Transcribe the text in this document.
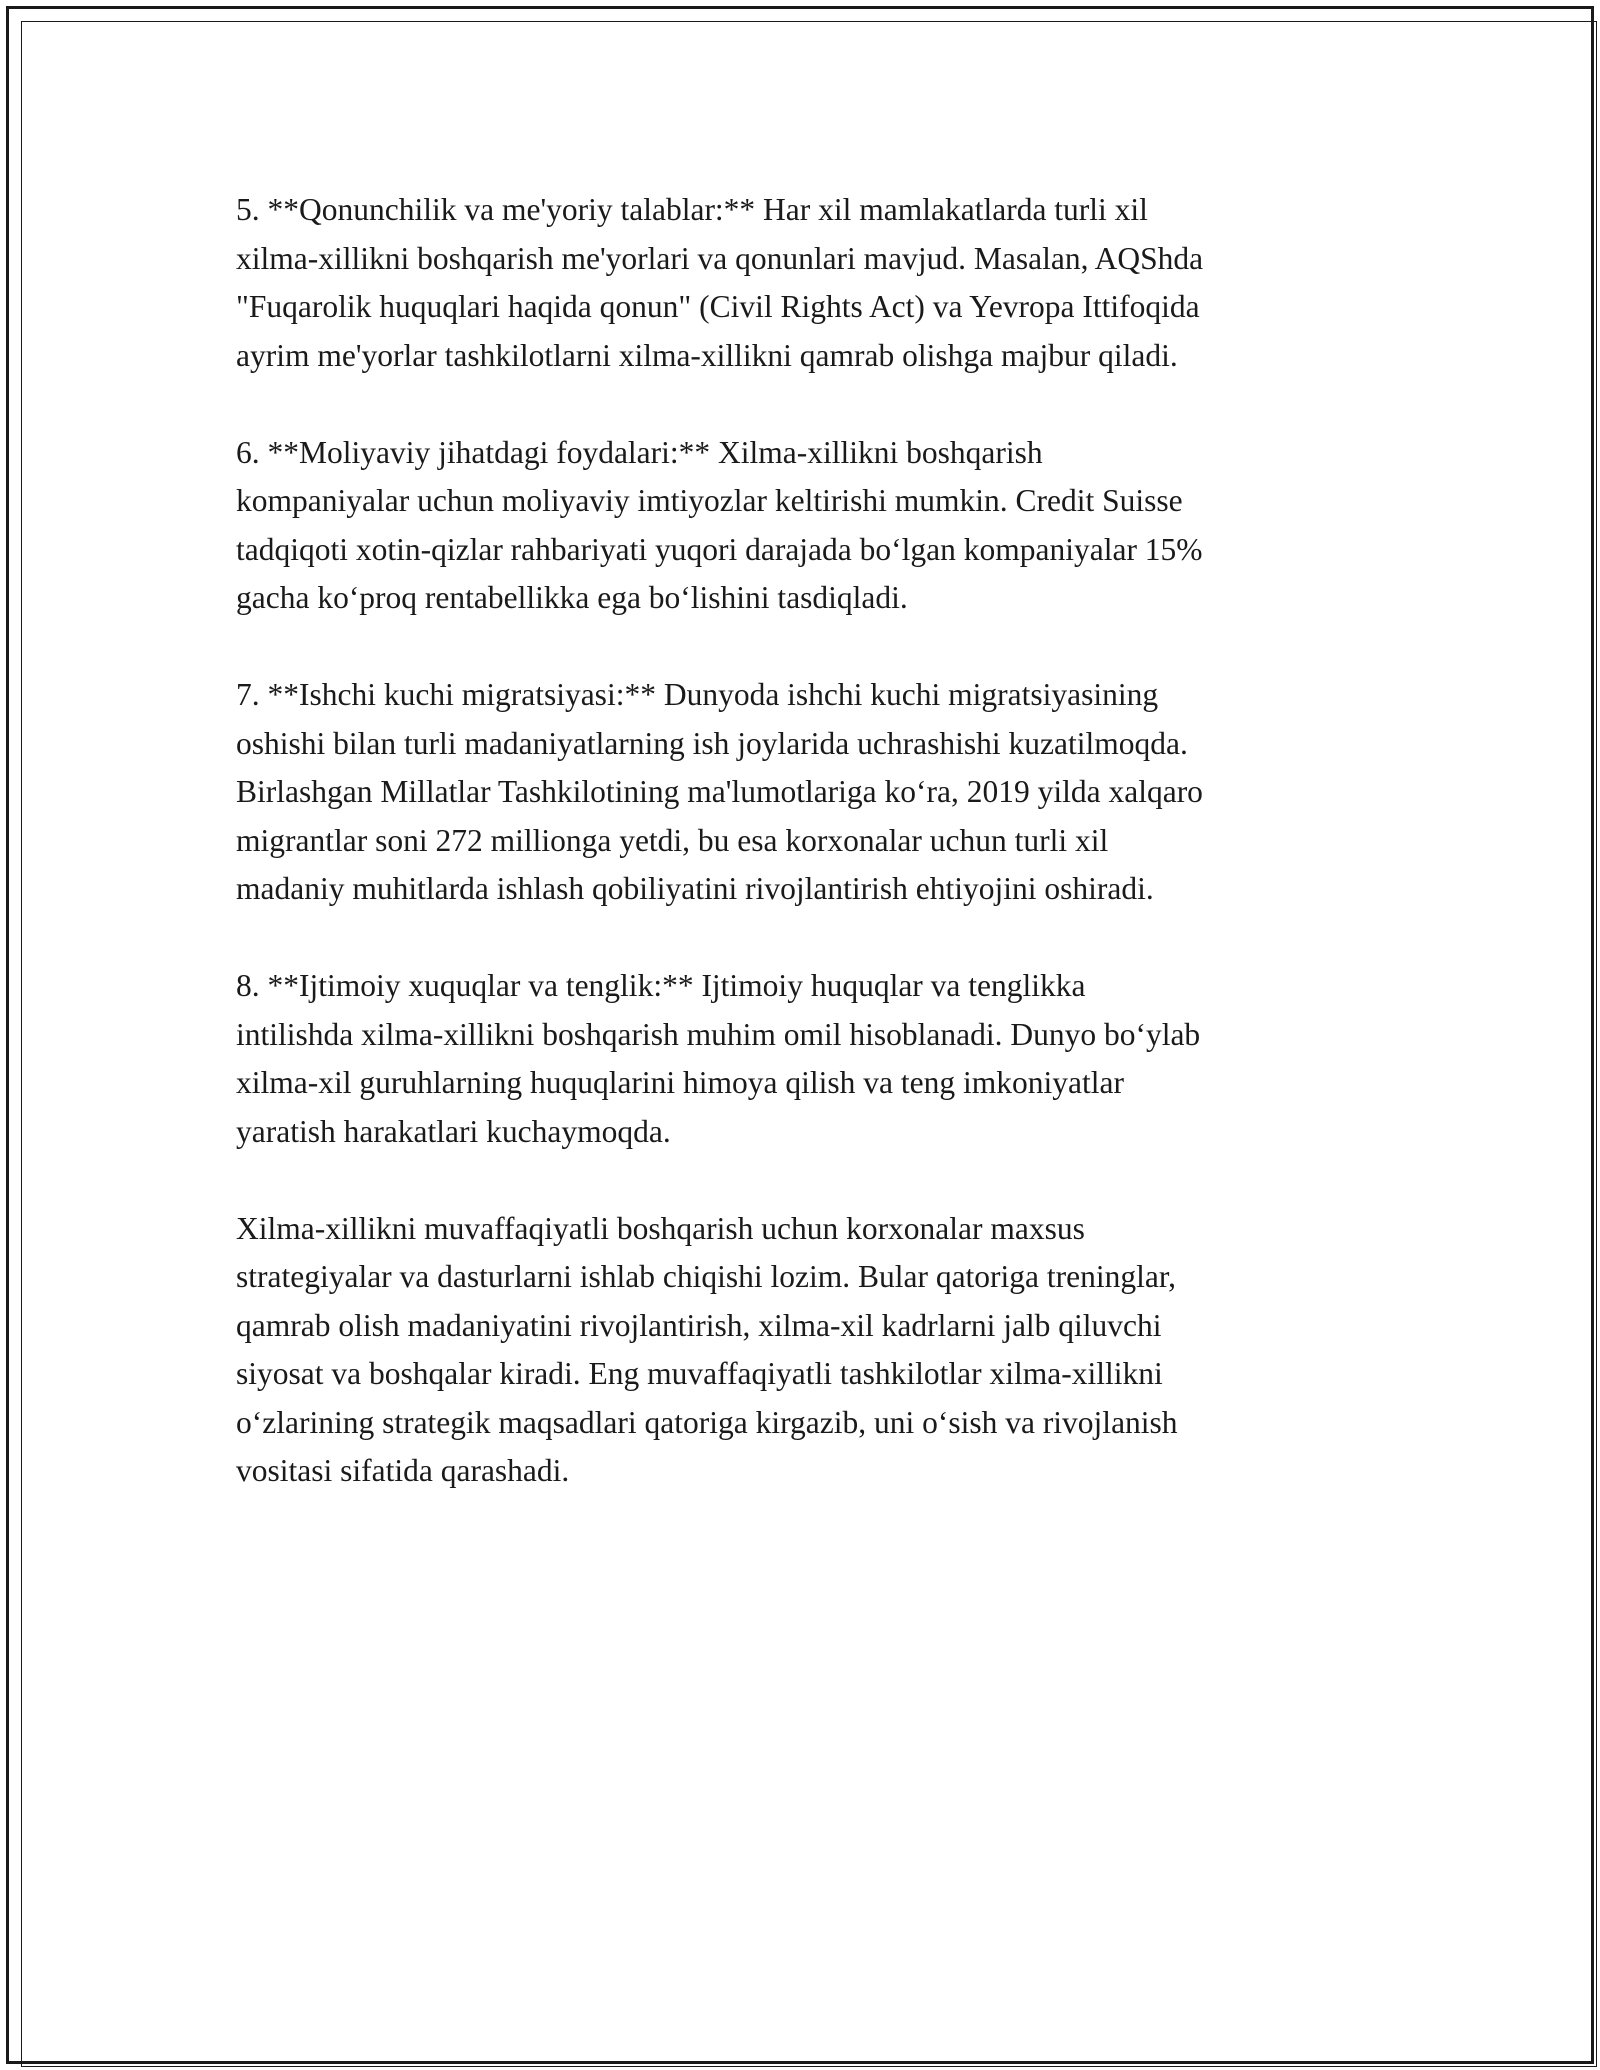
5. **Qonunchilik va me'yoriy talablar:** Har xil mamlakatlarda turli xil
xilma-xillikni boshqarish me'yorlari va qonunlari mavjud. Masalan, AQShda
"Fuqarolik huquqlari haqida qonun" (Civil Rights Act) va Yevropa Ittifoqida
ayrim me'yorlar tashkilotlarni xilma-xillikni qamrab olishga majbur qiladi.

6. **Moliyaviy jihatdagi foydalari:** Xilma-xillikni boshqarish
kompaniyalar uchun moliyaviy imtiyozlar keltirishi mumkin. Credit Suisse
tadqiqoti xotin-qizlar rahbariyati yuqori darajada bo‘lgan kompaniyalar 15%
gacha ko‘proq rentabellikka ega bo‘lishini tasdiqladi.

7. **Ishchi kuchi migratsiyasi:** Dunyoda ishchi kuchi migratsiyasining
oshishi bilan turli madaniyatlarning ish joylarida uchrashishi kuzatilmoqda.
Birlashgan Millatlar Tashkilotining ma'lumotlariga ko‘ra, 2019 yilda xalqaro
migrantlar soni 272 millionga yetdi, bu esa korxonalar uchun turli xil
madaniy muhitlarda ishlash qobiliyatini rivojlantirish ehtiyojini oshiradi.

8. **Ijtimoiy xuquqlar va tenglik:** Ijtimoiy huquqlar va tenglikka
intilishda xilma-xillikni boshqarish muhim omil hisoblanadi. Dunyo bo‘ylab
xilma-xil guruhlarning huquqlarini himoya qilish va teng imkoniyatlar
yaratish harakatlari kuchaymoqda.

Xilma-xillikni muvaffaqiyatli boshqarish uchun korxonalar maxsus
strategiyalar va dasturlarni ishlab chiqishi lozim. Bular qatoriga treninglar,
qamrab olish madaniyatini rivojlantirish, xilma-xil kadrlarni jalb qiluvchi
siyosat va boshqalar kiradi. Eng muvaffaqiyatli tashkilotlar xilma-xillikni
o‘zlarining strategik maqsadlari qatoriga kirgazib, uni o‘sish va rivojlanish
vositasi sifatida qarashadi.
